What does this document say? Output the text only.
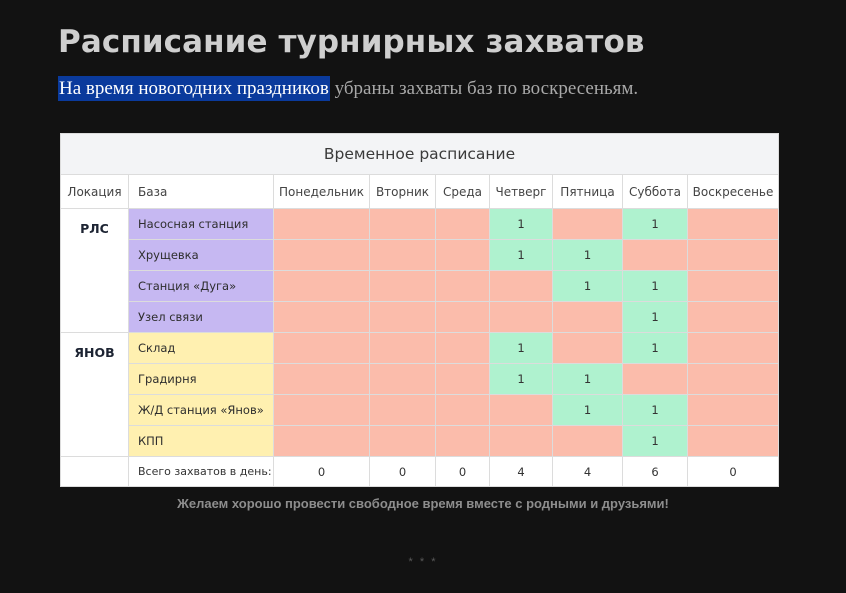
Расписание турнирных захватов
На время новогодних праздников убраны захваты баз по воскресеньям.
Временное расписание								
Локация	База	Понедельник	Вторник	Среда	Четверг	Пятница	Суббота	Воскресенье
РЛС	Насосная станция				1		1	
	Хрущевка				1	1		
	Станция «Дуга»					1	1	
	Узел связи						1	
ЯНОВ	Склад				1		1	
	Градирня				1	1		
	Ж/Д станция «Янов»					1	1	
	КПП						1	
	Всего захватов в день:	0	0	0	4	4	6	0
Желаем хорошо провести свободное время вместе с родными и друзьями!
* * *
